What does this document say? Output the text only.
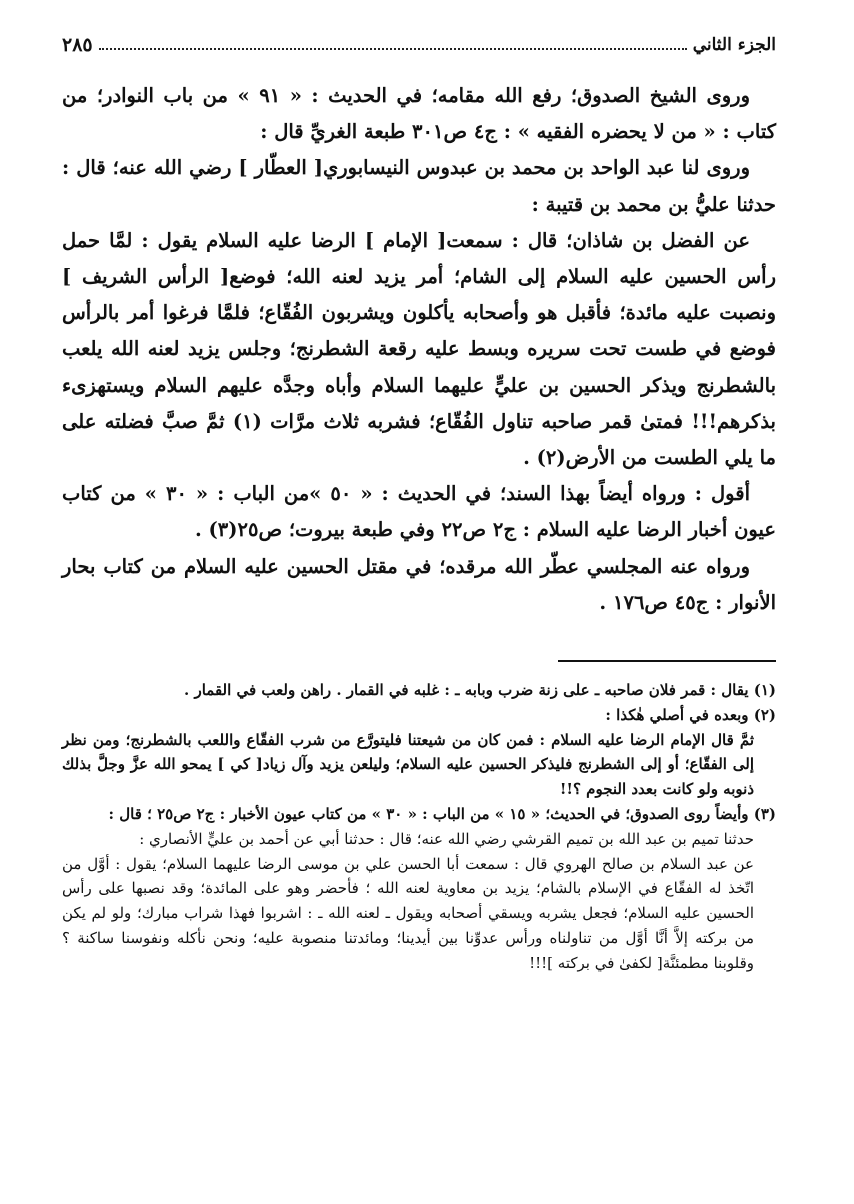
الجزء الثاني
٢٨٥

وروى الشيخ الصدوق؛ رفع الله مقامه؛ في الحديث : « ٩١ » من باب النوادر؛ من كتاب : « من لا يحضره الفقيه » : ج٤ ص٣٠١ طبعة الغريِّ قال :

وروى لنا عبد الواحد بن محمد بن عبدوس النيسابوري[ العطّار ] رضي الله عنه؛ قال : حدثنا عليُّ بن محمد بن قتيبة :

عن الفضل بن شاذان؛ قال : سمعت[ الإمام ] الرضا عليه السلام يقول : لمَّا حمل رأس الحسين عليه السلام إلى الشام؛ أمر يزيد لعنه الله؛ فوضع[ الرأس الشريف ] ونصبت عليه مائدة؛ فأقبل هو وأصحابه يأكلون ويشربون الفُقّاع؛ فلمَّا فرغوا أمر بالرأس فوضع في طست تحت سريره وبسط عليه رقعة الشطرنج؛ وجلس يزيد لعنه الله يلعب بالشطرنج ويذكر الحسين بن عليٍّ عليهما السلام وأباه وجدَّه عليهم السلام ويستهزىء بذكرهم!!! فمتىٰ قمر صاحبه تناول الفُقّاع؛ فشربه ثلاث مرَّات (١) ثمَّ صبَّ فضلته على ما يلي الطست من الأرض(٢) .

أقول : ورواه أيضاً بهذا السند؛ في الحديث : « ٥٠ »من الباب : « ٣٠ » من كتاب عيون أخبار الرضا عليه السلام : ج٢ ص٢٢ وفي طبعة بيروت؛ ص٢٥(٣) .

ورواه عنه المجلسي عطّر الله مرقده؛ في مقتل الحسين عليه السلام من كتاب بحار الأنوار : ج٤٥ ص١٧٦ .

(١) يقال : قمر فلان صاحبه ـ على زنة ضرب وبابه ـ : غلبه في القمار . راهن ولعب في القمار .

(٢) وبعده في أصلي هٰكذا :

ثمَّ قال الإمام الرضا عليه السلام : فمن كان من شيعتنا فليتورَّع من شرب الفقّاع واللعب بالشطرنج؛ ومن نظر إلى الفقّاع؛ أو إلى الشطرنج فليذكر الحسين عليه السلام؛ وليلعن يزيد وآل زياد[ كي ] يمحو الله عزَّ وجلَّ بذلك ذنوبه ولو كانت بعدد النجوم ؟!!

(٣) وأيضاً روى الصدوق؛ في الحديث؛ « ١٥ » من الباب : « ٣٠ » من كتاب عيون الأخبار : ج٢ ص٢٥ ؛ قال :

حدثنا تميم بن عبد الله بن تميم القرشي رضي الله عنه؛ قال : حدثنا أبي عن أحمد بن عليٍّ الأنصاري :

عن عبد السلام بن صالح الهروي قال : سمعت أبا الحسن علي بن موسى الرضا عليهما السلام؛ يقول : أوَّل من اتّخذ له الفقّاع في الإسلام بالشام؛ يزيد بن معاوية لعنه الله ؛ فأحضر وهو على المائدة؛ وقد نصبها على رأس الحسين عليه السلام؛ فجعل يشربه ويسقي أصحابه ويقول ـ لعنه الله ـ : اشربوا فهذا شراب مبارك؛ ولو لم يكن من بركته إلاَّ أنَّا أوَّل من تناولناه ورأس عدوِّنا بين أيدينا؛ ومائدتنا منصوبة عليه؛ ونحن نأكله ونفوسنا ساكنة ؟ وقلوبنا مطمئنَّة[ لكفىٰ في بركته ]!!!
